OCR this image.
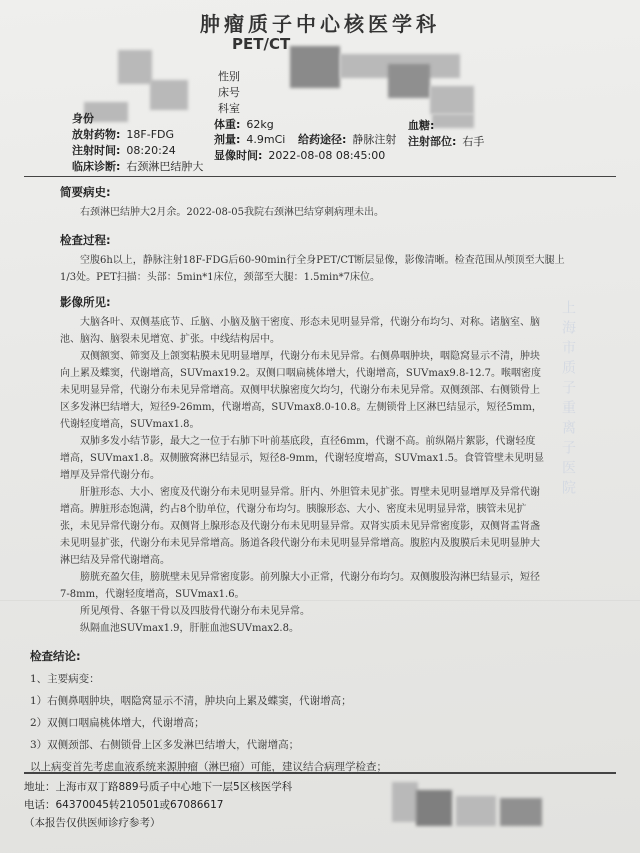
肿瘤质子中心核医学科
PET/CT
性别
床号
科室
身份
放射药物: 18F-FDG
注射时间: 08:20:24
临床诊断: 右颈淋巴结肿大
体重: 62kg
剂量: 4.9mCi 给药途径: 静脉注射
显像时间: 2022-08-08 08:45:00
血糖:
注射部位: 右手
简要病史:

右颈淋巴结肿大2月余。2022-08-05我院右颈淋巴结穿刺病理未出。

检查过程:

空腹6h以上，静脉注射18F-FDG后60-90min行全身PET/CT断层显像，影像清晰。检查范围从颅顶至大腿上1/3处。PET扫描：头部：5min*1床位，颈部至大腿：1.5min*7床位。

影像所见:

大脑各叶、双侧基底节、丘脑、小脑及脑干密度、形态未见明显异常，代谢分布均匀、对称。诸脑室、脑池、脑沟、脑裂未见增宽、扩张。中线结构居中。

双侧额窦、筛窦及上颌窦粘膜未见明显增厚，代谢分布未见异常。右侧鼻咽肿块，咽隐窝显示不清，肿块向上累及蝶窦，代谢增高，SUVmax19.2。双侧口咽扁桃体增大，代谢增高，SUVmax9.8-12.7。喉咽密度未见明显异常，代谢分布未见异常增高。双侧甲状腺密度欠均匀，代谢分布未见异常。双侧颈部、右侧锁骨上区多发淋巴结增大，短径9-26mm，代谢增高，SUVmax8.0-10.8。左侧锁骨上区淋巴结显示，短径5mm，代谢轻度增高，SUVmax1.8。

双肺多发小结节影，最大之一位于右肺下叶前基底段，直径6mm，代谢不高。前纵隔片絮影，代谢轻度增高，SUVmax1.8。双侧腋窝淋巴结显示，短径8-9mm，代谢轻度增高，SUVmax1.5。食管管壁未见明显增厚及异常代谢分布。

肝脏形态、大小、密度及代谢分布未见明显异常。肝内、外胆管未见扩张。胃壁未见明显增厚及异常代谢增高。脾脏形态饱满，约占8个肋单位，代谢分布均匀。胰腺形态、大小、密度未见明显异常，胰管未见扩张，未见异常代谢分布。双侧肾上腺形态及代谢分布未见明显异常。双肾实质未见异常密度影，双侧肾盂肾盏未见明显扩张，代谢分布未见异常增高。肠道各段代谢分布未见明显异常增高。腹腔内及腹膜后未见明显肿大淋巴结及异常代谢增高。

膀胱充盈欠佳，膀胱壁未见异常密度影。前列腺大小正常，代谢分布均匀。双侧腹股沟淋巴结显示，短径7-8mm，代谢轻度增高，SUVmax1.6。

所见颅骨、各躯干骨以及四肢骨代谢分布未见异常。

纵隔血池SUVmax1.9，肝脏血池SUVmax2.8。

检查结论:

1、主要病变：

1）右侧鼻咽肿块，咽隐窝显示不清，肿块向上累及蝶窦，代谢增高；

2）双侧口咽扁桃体增大，代谢增高；

3）双侧颈部、右侧锁骨上区多发淋巴结增大，代谢增高；

以上病变首先考虑血液系统来源肿瘤（淋巴瘤）可能，建议结合病理学检查；

地址：上海市双丁路889号质子中心地下一层5区核医学科
电话：64370045转210501或67086617
（本报告仅供医师诊疗参考）
上海市质子重离子医院
